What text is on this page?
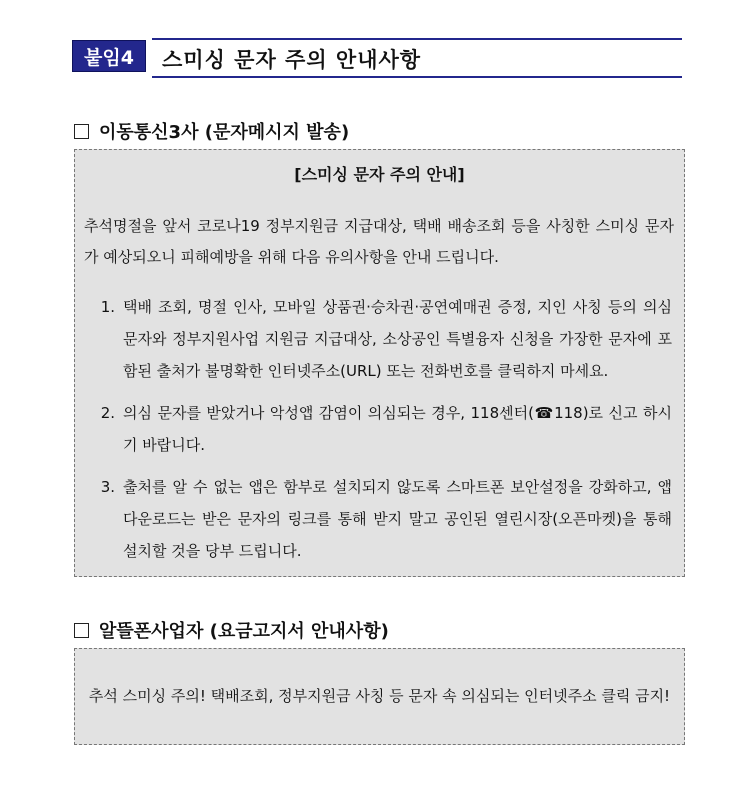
붙임4	스미싱 문자 주의 안내사항
이동통신3사 (문자메시지 발송)
[스미싱 문자 주의 안내]
추석명절을 앞서 코로나19 정부지원금 지급대상, 택배 배송조회 등을 사칭한 스미싱 문자가 예상되오니 피해예방을 위해 다음 유의사항을 안내 드립니다.
1. 택배 조회, 명절 인사, 모바일 상품권·승차권·공연예매권 증정, 지인 사칭 등의 의심 문자와 정부지원사업 지원금 지급대상, 소상공인 특별융자 신청을 가장한 문자에 포함된 출처가 불명확한 인터넷주소(URL) 또는 전화번호를 클릭하지 마세요.
2. 의심 문자를 받았거나 악성앱 감염이 의심되는 경우, 118센터(☎118)로 신고 하시기 바랍니다.
3. 출처를 알 수 없는 앱은 함부로 설치되지 않도록 스마트폰 보안설정을 강화하고, 앱 다운로드는 받은 문자의 링크를 통해 받지 말고 공인된 열린시장(오픈마켓)을 통해 설치할 것을 당부 드립니다.
알뜰폰사업자 (요금고지서 안내사항)
추석 스미싱 주의! 택배조회, 정부지원금 사칭 등 문자 속 의심되는 인터넷주소 클릭 금지!
